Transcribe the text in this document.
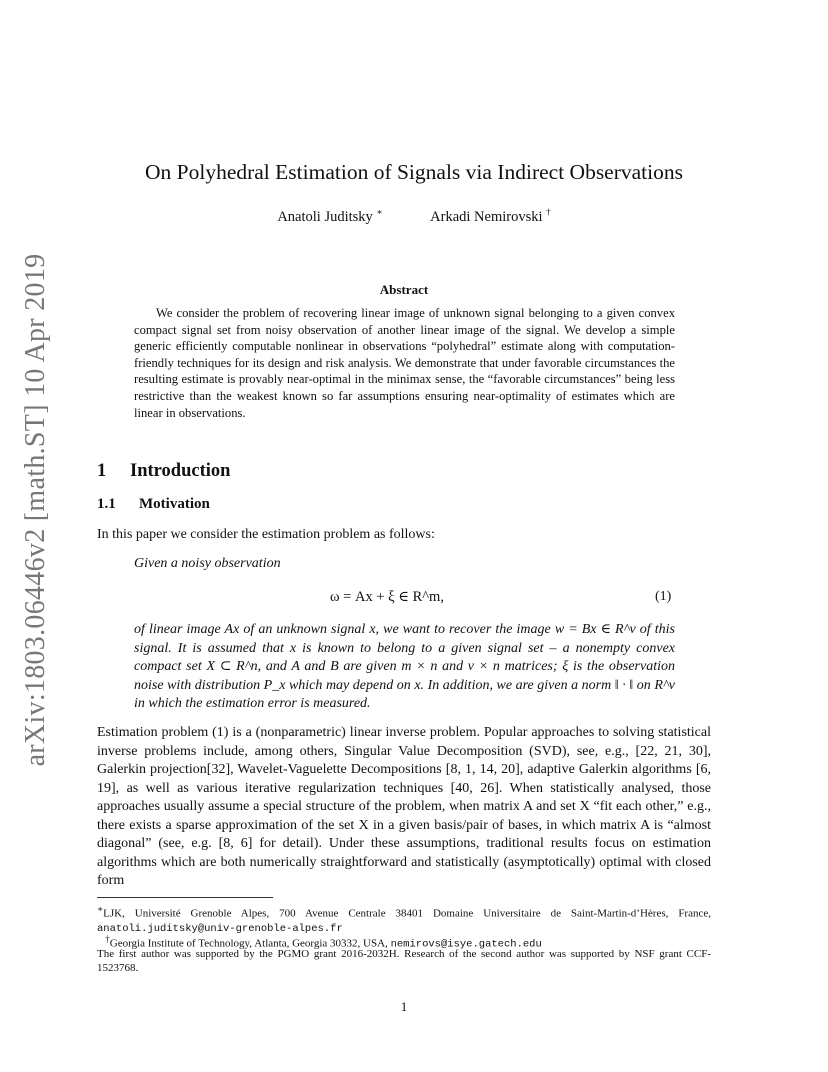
arXiv:1803.06446v2 [math.ST] 10 Apr 2019
On Polyhedral Estimation of Signals via Indirect Observations
Anatoli Juditsky ∗	Arkadi Nemirovski †
Abstract
We consider the problem of recovering linear image of unknown signal belonging to a given convex compact signal set from noisy observation of another linear image of the signal. We develop a simple generic efficiently computable nonlinear in observations “polyhedral” estimate along with computation-friendly techniques for its design and risk analysis. We demonstrate that under favorable circumstances the resulting estimate is provably near-optimal in the minimax sense, the “favorable circumstances” being less restrictive than the weakest known so far assumptions ensuring near-optimality of estimates which are linear in observations.
1 Introduction
1.1 Motivation
In this paper we consider the estimation problem as follows:
Given a noisy observation
ω = Ax + ξ ∈ R^m,	(1)
of linear image Ax of an unknown signal x, we want to recover the image w = Bx ∈ R^ν of this signal. It is assumed that x is known to belong to a given signal set – a nonempty convex compact set X ⊂ R^n, and A and B are given m × n and ν × n matrices; ξ is the observation noise with distribution P_x which may depend on x. In addition, we are given a norm ‖ · ‖ on R^ν in which the estimation error is measured.
Estimation problem (1) is a (nonparametric) linear inverse problem. Popular approaches to solving statistical inverse problems include, among others, Singular Value Decomposition (SVD), see, e.g., [22, 21, 30], Galerkin projection[32], Wavelet-Vaguelette Decompositions [8, 1, 14, 20], adaptive Galerkin algorithms [6, 19], as well as various iterative regularization techniques [40, 26]. When statistically analysed, those approaches usually assume a special structure of the problem, when matrix A and set X “fit each other,” e.g., there exists a sparse approximation of the set X in a given basis/pair of bases, in which matrix A is “almost diagonal” (see, e.g. [8, 6] for detail). Under these assumptions, traditional results focus on estimation algorithms which are both numerically straightforward and statistically (asymptotically) optimal with closed form
∗LJK, Université Grenoble Alpes, 700 Avenue Centrale 38401 Domaine Universitaire de Saint-Martin-d’Hères, France, anatoli.juditsky@univ-grenoble-alpes.fr
†Georgia Institute of Technology, Atlanta, Georgia 30332, USA, nemirovs@isye.gatech.edu
The first author was supported by the PGMO grant 2016-2032H. Research of the second author was supported by NSF grant CCF-1523768.
1
